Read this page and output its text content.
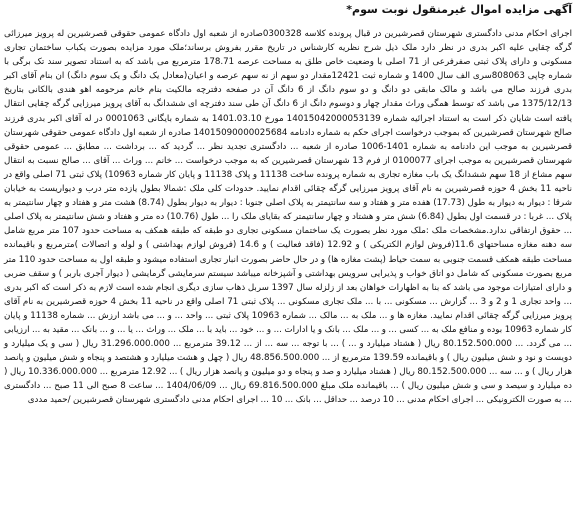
آگهی مزایده اموال غیرمنقول نوبت سوم*

اجرای احکام مدنی دادگستری شهرستان قصرشیرین در قبال پرونده کلاسه 0300328صادره از شعبه اول دادگاه عمومی حقوقی قصرشیرین له پرویز میرزائی گرگه چقایی علیه اکبر بدری در نظر دارد ملک ذیل شرح نظریه کارشناس در تاریخ مقرر بفروش برساند؛ملک مورد مزایده بصورت یکباب ساختمان تجاری مسکونی و دارای پلاک ثبتی صفرفرعی از 71 اصلی با وضعیت خاص طلق به مساحت عرصه 178.71 مترمربع می باشد که به استناد تصویر سند تک برگی با شماره چاپی 808063سری الف سال 1400 و شماره ثبت 12421مقدار دو سهم از نه سهم عرصه و اعیان(معادل یک دانگ و یک سوم دانگ) ان بنام آقای اکبر بدری فرزند صالح می باشد و مالک مابقی دو دانگ و دو سوم دانگ از 6 دانگ آن در صفحه دفترچه مالکیت بنام خانم مرحومه اهو هندی بالکانی بتاریخ 1375/12/13 می باشد که توسط همگی وراث مقدار چهار و دوسوم دانگ از 6 دانگ آن طی سند دفترچه ای ششدانگ به آقای پرویز میرزایی گرگه چقایی انتقال یافته است شایان ذکر است به استناد اجرائیه شماره 14015042000053139 مورخ 1401.03.10 به شماره بایگانی 0001063 در له آقای اکبر بدری فرزند صالح شهرستان قصرشیرین که بموجب درخواست اجرای حکم به شماره دادنامه 14015090000025684 صادره از شعبه اول دادگاه عمومی حقوقی شهرستان قصرشیرین به موجب این دادنامه به شماره 1401-1006 صادره از شعبه ... دادگستری تجدید نظر ... گردید که ... برداشت ... مطابق ... عمومی حقوقی شهرستان قصرشیرین به موجب اجرای 0100077 از فرم 13 شهرستان قصرشیرین که به موجب درخواست ... خانم ... وراث ... آقای ... صالح نسبت به انتقال سهم مشاع از 18 سهم ششدانگ یک باب مغازه تجاری به شماره پرونده ساخت 11138 و پلاک 11138 و پایان کار شماره 10963) پلاک ثبتی 71 اصلی واقع در ناحیه 11 بخش 4 حوزه قصرشیرین به نام آقای پرویز میرزایی گرگه چقائی اقدام نمایید. حدودات کلی ملک :شمالا بطول یازده متر درب و دیواریست به خیابان شرقا : دیوار به دیوار به طول (17.73) هفده متر و هفتاد و سه سانتیمتر به پلاک اصلی جنوبا : دیوار به دیوار بطول (8.74) هشت متر و هفتاد و چهار سانتیمتر به پلاک ... غربا : در قسمت اول بطول (6.84) شش متر و هشتاد و چهار سانتیمتر که بقایای ملک را ... طول (10.76) ده متر و هفتاد و شش سانتیمتر به پلاک اصلی ... حقوق ارتفاقی ندارد.مشخصات ملک :ملک مورد نظر بصورت یک ساختمان مسکونی تجاری دو طبقه که طبقه همکف به مساحت حدود 107 متر مربع شامل سه دهنه مغازه مساحتهای 11.6(فروش لوازم الکتریکی ) و 12.92 (فاقد فعالیت ) و 14.6 (فروش لوازم بهداشتی ) و لوله و اتصالات )مترمربع و باقیمانده مساحت طبقه همکف قسمت جنوبی به سمت حیاط (پشت مغازه ها) و در حال حاضر بصورت انبار تجاری استفاده میشود و طبقه اول به مساحت حدود 110 متر مربع بصورت مسکونی که شامل دو اتاق خواب و پذیرایی سرویس بهداشتی و آشپزخانه میباشد سیستم سرمایشی گرمایشی ( دیوار آجری باربر ) و سقف ضربی و دارای امتیازات موجود می باشد که بنا به اظهارات خواهان بعد از زلزله سال 1397 سربل ذهاب سازی دیگری انجام شده است لازم به ذکر است که اکبر بدری ... واحد تجاری 1 و 2 و 3 ... گزارش ... مسکونی ... با ... ملک تجاری مسکونی ... پلاک ثبتی 71 اصلی واقع در ناحیه 11 بخش 4 حوزه قصرشیرین به نام آقای پرویز میرزایی گرگه چقائی اقدام نمایید. مغازه ها و ... ملک به ... مالک ... شماره 10963 پلاک ثبتی ... واحد ... و ... می باشد ارزش ... شماره 11138 و پایان کار شماره 10963 بوده و منافع ملک به ... کسی ... و ... ملک ... بانک و یا ادارات ... و ... خود ... باید با ... ملک ... وراث ... یا ... و ... بانک ... مقید به ... ارزیابی ... می گردد. ... 80.152.500.000 ریال ( هشتاد میلیارد و ... ) ... با توجه ... سه ... از ... 39.12 مترمربع ... 31.296.000.000 ریال ( سی و یک میلیارد و دویست و نود و شش میلیون ریال ) و باقیمانده 139.59 مترمربع از ... 48.856.500.000 ریال ( چهل و هشت میلیارد و هشتصد و پنجاه و شش میلیون و پانصد هزار ریال ) و ... سه ... 80.152.500.000 ریال ( هشتاد میلیارد و صد و پنجاه و دو میلیون و پانصد هزار ریال ) ... 12.92 مترمربع ... 10.336.000.000 ریال ( ده میلیارد و سیصد و سی و شش میلیون ریال ) ... باقیمانده ملک مبلغ 69.816.500.000 ریال ... 1404/06/09 ... ساعت 8 صبح الی 11 صبح ... دادگستری ... به صورت الکترونیکی ... اجرای احکام مدنی ... 10 درصد ... حداقل ... بانک ... 10 ... اجرای احکام مدنی دادگستری شهرستان قصرشیرین /حمید مددی
